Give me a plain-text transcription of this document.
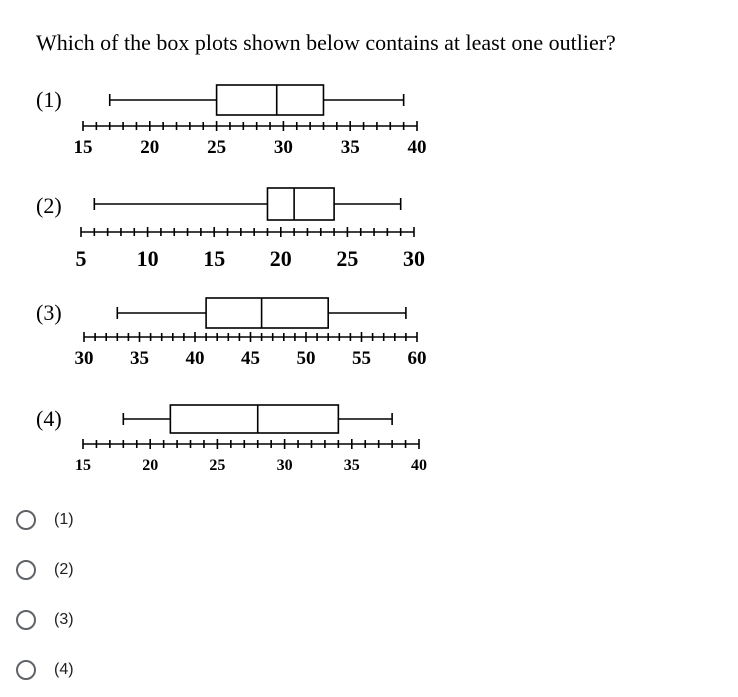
Which of the box plots shown below contains at least one outlier?
(1)
15	20	25	30	35	40
(2)
5 10 15 20 25 30
(3)
30 35 40 45 50 55 60
(4)
15	20	25	30	35	40
(1)
(2)
(3)
(4)
